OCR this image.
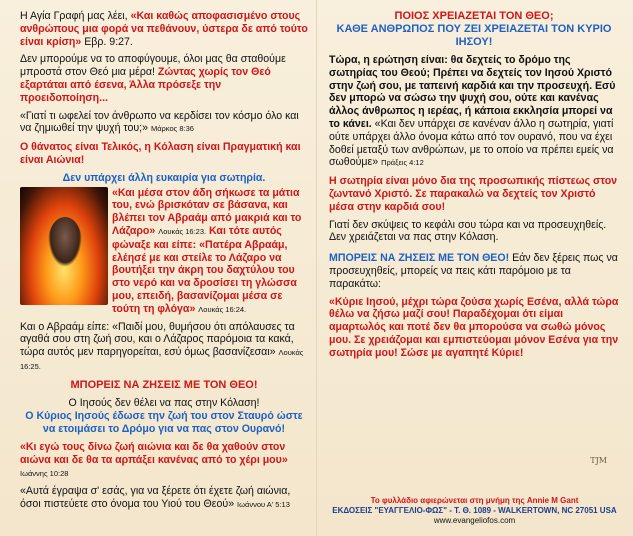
Η Αγία Γραφή μας λέει, «Και καθώς αποφασισμένο στους ανθρώπους μια φορά να πεθάνουν, ύστερα δε από τούτο είναι κρίση» Εβρ. 9:27.

Δεν μπορούμε να το αποφύγουμε, όλοι μας θα σταθούμε μπροστά στον Θεό μια μέρα! Ζώντας χωρίς τον Θεό εξαρτάται από έσενα, Άλλα πρόσεξε την προειδοποίηση...

«Γιατί τι ωφελεί τον άνθρωπο να κερδίσει τον κόσμο όλο και να ζημιωθεί την ψυχή του;» Μάρκος 8:36

Ο θάνατος είναι Τελικός, η Κόλαση είναι Πραγματική και είναι Αιώνια!

Δεν υπάρχει άλλη ευκαιρία για σωτηρία.

«Και μέσα στον άδη σήκωσε τα μάτια του, ενώ βρισκόταν σε βάσανα, και βλέπει τον Αβραάμ από μακριά και το Λάζαρο» Λουκάς 16:23. Και τότε αυτός φώναξε και είπε: «Πατέρα Αβραάμ, ελέησέ με και στείλε το Λάζαρο να βουτήξει την άκρη του δαχτύλου του στο νερό και να δροσίσει τη γλώσσα μου, επειδή, βασανίζομαι μέσα σε τούτη τη φλόγα» Λουκάς 16:24.

Και ο Αβραάμ είπε: «Παιδί μου, θυμήσου ότι απόλαυσες τα αγαθά σου στη ζωή σου, και ο Λάζαρος παρόμοια τα κακά, τώρα αυτός μεν παρηγορείται, εσύ όμως βασανίζεσαι» Λουκάς 16:25.

ΜΠΟΡΕΙΣ ΝΑ ΖΗΣΕΙΣ ΜΕ ΤΟΝ ΘΕΟ!

Ο Ιησούς δεν θέλει να πας στην Κόλαση!

Ο Κύριος Ιησούς έδωσε την ζωή του στον Σταυρό ώστε να ετοιμάσει το Δρόμο για να πας στον Ουρανό!

«Κι εγώ τους δίνω ζωή αιώνια και δε θα χαθούν στον αιώνα και δε θα τα αρπάξει κανένας από το χέρι μου» Ιωάννης 10:28

«Αυτά έγραψα σ' εσάς, για να ξέρετε ότι έχετε ζωή αιώνια, όσοι πιστεύετε στο όνομα του Υιού του Θεού» Ιωάννου Α' 5:13

ΠΟΙΟΣ ΧΡΕΙΑΖΕΤΑΙ ΤΟΝ ΘΕΟ;

ΚΑΘΕ ΑΝΘΡΩΠΟΣ ΠΟΥ ΖΕΙ ΧΡΕΙΑΖΕΤΑΙ ΤΟΝ ΚΥΡΙΟ ΙΗΣΟΥ!

Τώρα, η ερώτηση είναι: θα δεχτείς το δρόμο της σωτηρίας του Θεού; Πρέπει να δεχτείς τον Ιησού Χριστό στην ζωή σου, με ταπεινή καρδιά και την προσευχή. Εσύ δεν μπορώ να σώσω την ψυχή σου, ούτε και κανένας άλλος άνθρωπος η ιερέας, ή κάποια εκκλησία μπορεί να το κάνει. «Και δεν υπάρχει σε κανέναν άλλο η σωτηρία, γιατί ούτε υπάρχει άλλο όνομα κάτω από τον ουρανό, που να έχει δοθεί μεταξύ των ανθρώπων, με το οποίο να πρέπει εμείς να σωθούμε» Πράξεις 4:12

Η σωτηρία είναι μόνο δια της προσωπικής πίστεως στον ζωντανό Χριστό. Σε παρακαλώ να δεχτείς τον Χριστό μέσα στην καρδιά σου!

Γιατί δεν σκύψεις το κεφάλι σου τώρα και να προσευχηθείς. Δεν χρειάζεται να πας στην Κόλαση.

ΜΠΟΡΕΙΣ ΝΑ ΖΗΣΕΙΣ ΜΕ ΤΟΝ ΘΕΟ! Εάν δεν ξέρεις πως να προσευχηθείς, μπορείς να πεις κάτι παρόμοιο με τα παρακάτω:

«Κύριε Ιησού, μέχρι τώρα ζούσα χωρίς Εσένα, αλλά τώρα θέλω να ζήσω μαζί σου! Παραδέχομαι ότι είμαι αμαρτωλός και ποτέ δεν θα μπορούσα να σωθώ μόνος μου. Σε χρειάζομαι και εμπιστεύομαι μόνον Εσένα για την σωτηρία μου! Σώσε με αγαπητέ Κύριε!

TJM
Το φυλλάδιο αφιερώνεται στη μνήμη της Annie M Gant
ΕΚΔΟΣΕΙΣ "ΕΥΑΓΓΕΛΙΟ-ΦΩΣ" - Τ. Θ. 1089 - WALKERTOWN, NC 27051 USA
www.evangeliofos.com
